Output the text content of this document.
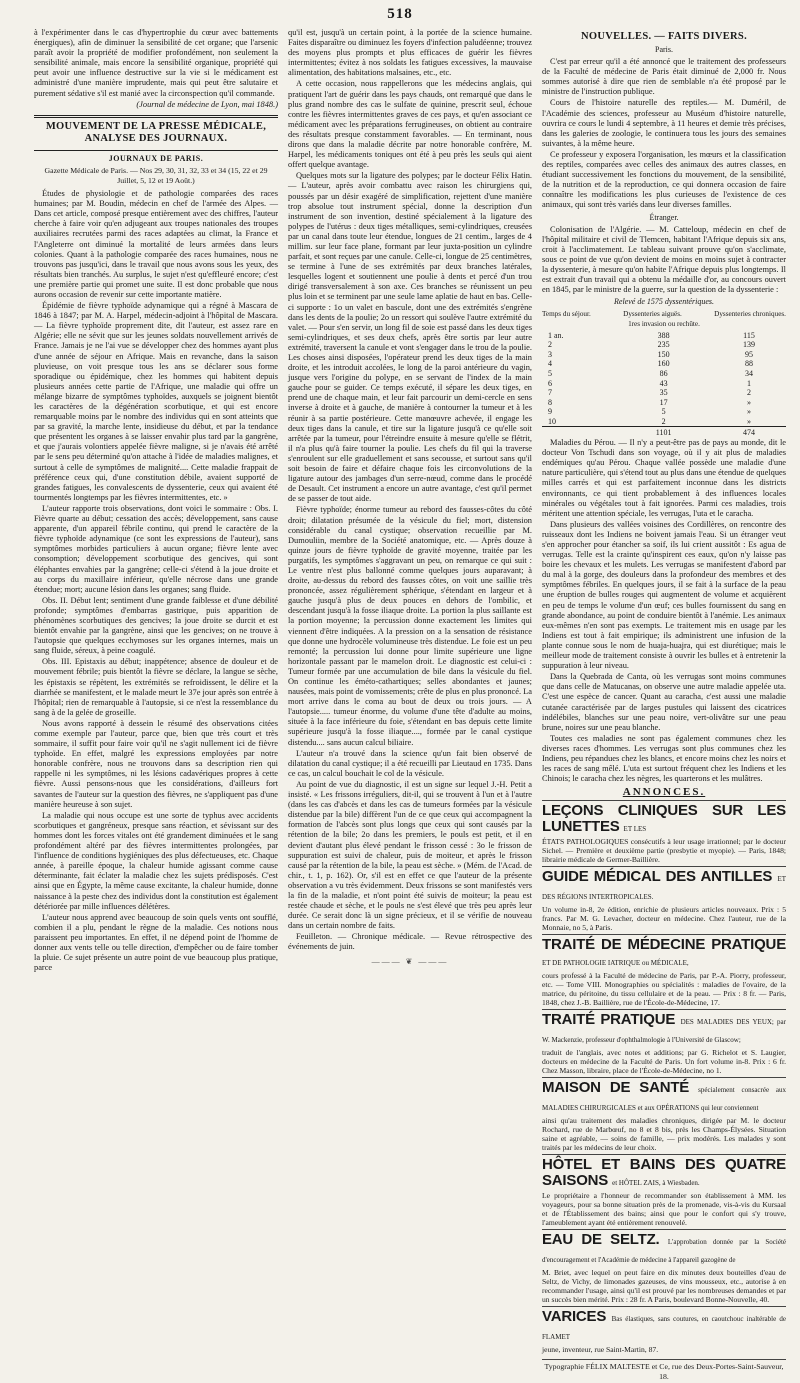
518

à l'expérimenter dans le cas d'hypertrophie du cœur avec battements énergiques), afin de diminuer la sensibilité de cet organe; que l'arsenic paraît avoir la propriété de modifier profondément, non seulement la sensibilité animale, mais encore la sensibilité organique, propriété qui peut avoir une influence destructive sur la vie si le médicament est administré d'une manière imprudente, mais qui peut être salutaire et purement sédative s'il est manié avec la circonspection qu'il commande.

(Journal de médecine de Lyon, mai 1848.)
MOUVEMENT DE LA PRESSE MÉDICALE, ANALYSE DES JOURNAUX.
JOURNAUX DE PARIS.
Gazette Médicale de Paris. — Nos 29, 30, 31, 32, 33 et 34 (15, 22 et 29 Juillet, 5, 12 et 19 Août.)

Études de physiologie et de pathologie comparées des races humaines; par M. Boudin, médecin en chef de l'armée des Alpes. — Dans cet article, composé presque entièrement avec des chiffres, l'auteur cherche à faire voir qu'en adjugeant aux troupes nationales des troupes auxiliaires recrutées parmi des races adaptées au climat, la France et l'Angleterre ont diminué la mortalité de leurs armées dans leurs colonies. Quant à la pathologie comparée des races humaines, nous ne trouvons pas jusqu'ici, dans le travail que nous avons sous les yeux, des résultats bien tranchés. Au surplus, le sujet n'est qu'effleuré encore; c'est une première partie qui promet une suite. Il est donc probable que nous aurons occasion de revenir sur cette importante matière.

Épidémie de fièvre typhoïde adynamique qui a régné à Mascara de 1846 à 1847; par M. A. Harpel, médecin-adjoint à l'hôpital de Mascara. — La fièvre typhoïde proprement dite, dit l'auteur, est assez rare en Algérie; elle ne sévit que sur les jeunes soldats nouvellement arrivés de France. Jamais je ne l'ai vue se développer chez des hommes ayant plus d'une année de séjour en Afrique. Mais en revanche, dans la saison pluvieuse, on voit presque tous les ans se déclarer sous forme sporadique ou épidémique, chez les hommes qui habitent depuis plusieurs années cette partie de l'Afrique, une maladie qui offre un mélange bizarre de symptômes typhoïdes, auxquels se joignent bientôt les caractères de la dégénération scorbutique, et qui est encore remarquable moins par le nombre des individus qui en sont atteints que par sa gravité, la marche lente, insidieuse du début, et par la tendance que présentent les organes à se laisser envahir plus tard par la gangrène, et que j'aurais volontiers appelée fièvre maligne, si je n'avais été arrêté par le sens peu déterminé qu'on attache à l'idée de maladies malignes, et surtout à celle de symptômes de malignité.... Cette maladie frappait de préférence ceux qui, d'une constitution débile, avaient supporté de grandes fatigues, les convalescents de dyssenterie, ceux qui avaient été tourmentés longtemps par les fièvres intermittentes, etc. »

L'auteur rapporte trois observations, dont voici le sommaire : Obs. I. Fièvre quarte au début; cessation des accès; développement, sans cause apparente, d'un appareil fébrile continu, qui prend le caractère de la fièvre typhoïde adynamique (ce sont les expressions de l'auteur), sans symptômes morbides particuliers à aucun organe; fièvre lente avec consomption; développement scorbutique des gencives, qui sont éléphantes envahies par la gangrène; celle-ci s'étend à la joue droite et au corps du maxillaire inférieur, qu'elle nécrose dans une grande étendue; mort; aucune lésion dans les organes; sang fluide.

Obs. II. Début lent; sentiment d'une grande faiblesse et d'une débilité profonde; symptômes d'embarras gastrique, puis apparition de phénomènes scorbutiques des gencives; la joue droite se durcit et est bientôt envahie par la gangrène, ainsi que les gencives; on ne trouve à l'autopsie que quelques ecchymoses sur les organes internes, mais un sang fluide, séreux, à peine coagulé.

Obs. III. Epistaxis au début; inappétence; absence de douleur et de mouvement fébrile; puis bientôt la fièvre se déclare, la langue se sèche, les épistaxis se répètent, les extrémités se refroidissent, le délire et la diarrhée se manifestent, et le malade meurt le 37e jour après son entrée à l'hôpital; rien de remarquable à l'autopsie, si ce n'est la ressemblance du sang à de la gelée de groseille.

Nous avons rapporté à dessein le résumé des observations citées comme exemple par l'auteur, parce que, bien que très court et très sommaire, il suffit pour faire voir qu'il ne s'agit nullement ici de fièvre typhoïde. En effet, malgré les expressions employées par notre honorable confrère, nous ne trouvons dans sa description rien qui rappelle ni les symptômes, ni les lésions cadavériques propres à cette fièvre. Aussi pensons-nous que les considérations, d'ailleurs fort savantes de l'auteur sur la question des fièvres, ne s'appliquent pas d'une manière heureuse à son sujet.

La maladie qui nous occupe est une sorte de typhus avec accidents scorbutiques et gangréneux, presque sans réaction, et sévissant sur des hommes dont les forces vitales ont été grandement diminuées et le sang profondément altéré par des fièvres intermittentes prolongées, par l'influence de conditions hygiéniques des plus défectueuses, etc. Chaque année, à pareille époque, la chaleur humide agissant comme cause déterminante, fait éclater la maladie chez les sujets prédisposés. C'est ainsi que en Égypte, la même cause excitante, la chaleur humide, donne naissance à la peste chez des individus dont la constitution est également détériorée par mille influences délétères.

L'auteur nous apprend avec beaucoup de soin quels vents ont soufflé, combien il a plu, pendant le règne de la maladie. Ces notions nous paraissent peu importantes. En effet, il ne dépend point de l'homme de donner aux vents telle ou telle direction, d'empêcher ou de faire tomber la pluie. Ce sujet présente un autre point de vue beaucoup plus pratique, parce

qu'il est, jusqu'à un certain point, à la portée de la science humaine. Faites disparaître ou diminuez les foyers d'infection paludéenne; trouvez des moyens plus prompts et plus efficaces de guérir les fièvres intermittentes; évitez à nos soldats les fatigues excessives, la mauvaise alimentation, des habitations malsaines, etc., etc.

A cette occasion, nous rappellerons que les médecins anglais, qui pratiquent l'art de guérir dans les pays chauds, ont remarqué que dans le plus grand nombre des cas le sulfate de quinine, prescrit seul, échoue contre les fièvres intermittentes graves de ces pays, et qu'en associant ce médicament avec les préparations ferrugineuses, on obtient au contraire des résultats presque constamment favorables. — En terminant, nous dirons que dans la maladie décrite par notre honorable confrère, M. Harpel, les médicaments toniques ont été à peu près les seuls qui aient offert quelque avantage.

Quelques mots sur la ligature des polypes; par le docteur Félix Hatin. — L'auteur, après avoir combattu avec raison les chirurgiens qui, poussés par un désir exagéré de simplification, rejettent d'une manière trop absolue tout instrument spécial, donne la description d'un instrument de son invention, destiné spécialement à la ligature des polypes de l'utérus : deux tiges métalliques, semi-cylindriques, creusées par un canal dans toute leur étendue, longues de 21 centim., larges de 4 millim. sur leur face plane, formant par leur juxta-position un cylindre parfait, et sont reçues par une canule. Celle-ci, longue de 25 centimètres, se termine à l'une de ses extrémités par deux branches latérales, lesquelles logent et soutiennent une poulie à dents et percé d'un trou dirigé transversalement à son axe. Ces branches se réunissent un peu plus loin et se terminent par une seule lame aplatie de haut en bas. Celle-ci supporte : 1o un valet en bascule, dont une des extrémités s'engrène dans les dents de la poulie; 2o un ressort qui soulève l'autre extrémité du valet. — Pour s'en servir, un long fil de soie est passé dans les deux tiges semi-cylindriques, et ses deux chefs, après être sortis par leur autre extrémité, traversent la canule et vont s'engager dans le trou de la poulie. Les choses ainsi disposées, l'opérateur prend les deux tiges de la main droite, et les introduit accolées, le long de la paroi antérieure du vagin, jusque vers l'origine du polype, en se servant de l'index de la main gauche pour se guider. Ce temps exécuté, il sépare les deux tiges, en prend une de chaque main, et leur fait parcourir un demi-cercle en sens inverse à droite et à gauche, de manière à contourner la tumeur et à les réunir à sa partie postérieure. Cette manœuvre achevée, il engage les deux tiges dans la canule, et tire sur la ligature jusqu'à ce qu'elle soit arrêtée par la tumeur, pour l'étreindre ensuite à mesure qu'elle se flétrit, il n'a plus qu'à faire tourner la poulie. Les chefs du fil qui la traverse s'enroulent sur elle graduellement et sans secousse, et surtout sans qu'il soit besoin de faire et défaire chaque fois les circonvolutions de la ligature autour des jambages d'un serre-nœud, comme dans le procédé de Desault. Cet instrument a encore un autre avantage, c'est qu'il permet de se passer de tout aide.

Fièvre typhoïde; énorme tumeur au rebord des fausses-côtes du côté droit; dilatation présumée de la vésicule du fiel; mort, distension considérable du canal cystique; observation recueillie par M. Dumouliin, membre de la Société anatomique, etc. — Après douze à quinze jours de fièvre typhoïde de gravité moyenne, traitée par les purgatifs, les symptômes s'aggravant un peu, on remarque ce qui suit : Le ventre n'est plus ballonné comme quelques jours auparavant; à droite, au-dessus du rebord des fausses côtes, on voit une saillie très prononcée, assez régulièrement sphérique, s'étendant en largeur et à gauche jusqu'à plus de deux pouces en dehors de l'ombilic, et descendant jusqu'à la fosse iliaque droite. La portion la plus saillante est la portion moyenne; la percussion donne exactement les limites qui viennent d'être indiquées. A la pression on a la sensation de résistance que donne une hydrocèle volumineuse très distendue. Le foie est un peu remonté; la percussion lui donne pour limite supérieure une ligne horizontale passant par le mamelon droit. Le diagnostic est celui-ci : Tumeur formée par une accumulation de bile dans la vésicule du fiel. On continue les émétо-cathartiques; selles abondantes et jaunes; nausées, mais point de vomissements; crête de plus en plus prononcé. La mort arrive dans le coma au bout de deux ou trois jours. — A l'autopsie..... tumeur énorme, du volume d'une tête d'adulte au moins, située à la face inférieure du foie, s'étendant en bas depuis cette limite supérieure jusqu'à la fosse iliaque...., formée par le canal cystique distendu.... sans aucun calcul biliaire.

L'auteur n'a trouvé dans la science qu'un fait bien observé de dilatation du canal cystique; il a été recueilli par Lieutaud en 1735. Dans ce cas, un calcul bouchait le col de la vésicule.

Au point de vue du diagnostic, il est un signe sur lequel J.-H. Petit a insisté. « Les frissons irréguliers, dit-il, qui se trouvent à l'un et à l'autre (dans les cas d'abcès et dans les cas de tumeurs formées par la vésicule distendue par la bile) diffèrent l'un de ce que ceux qui accompagnent la formation de l'abcès sont plus longs que ceux qui sont causés par la rétention de la bile; 2o dans les premiers, le pouls est petit, et il en devient d'autant plus élevé pendant le frisson cessé : 3o le frisson de suppuration est suivi de chaleur, puis de moiteur, et après le frisson causé par la rétention de la bile, la peau est sèche. » (Mém. de l'Acad. de chir., t. 1, p. 162). Or, s'il est en effet ce que l'auteur de la présente observation a vu très évidemment. Deux frissons se sont manifestés vers la fin de la maladie, et n'ont point été suivis de moiteur; la peau est restée chaude et sèche, et le pouls ne s'est élevé que très peu après leur durée. Ce serait donc là un signe précieux, et il se vérifie de nouveau dans un certain nombre de faits.

Feuilleton. — Chronique médicale. — Revue rétrospective des événements de juin.

——— ❦ ———
NOUVELLES. — FAITS DIVERS.
Paris.

C'est par erreur qu'il a été annoncé que le traitement des professeurs de la Faculté de médecine de Paris était diminué de 2,000 fr. Nous sommes autorisé à dire que rien de semblable n'a été proposé par le ministre de l'instruction publique.

Cours de l'histoire naturelle des reptiles.— M. Duméril, de l'Académie des sciences, professeur au Muséum d'histoire naturelle, ouvrira ce cours le lundi 4 septembre, à 11 heures et demie très précises, dans les galeries de zoologie, le continuera tous les jours des semaines suivantes, à la même heure.

Ce professeur y exposera l'organisation, les mœurs et la classification des reptiles, comparées avec celles des animaux des autres classes, en étudiant successivement les fonctions du mouvement, de la sensibilité, de la nutrition et de la reproduction, ce qui donnera occasion de faire connaître les modifications les plus curieuses de l'existence de ces animaux, qui sont très variés dans leur diverses familles.

Étranger.

Colonisation de l'Algérie. — M. Catteloup, médecin en chef de l'hôpital militaire et civil de Tlemcen, habitant l'Afrique depuis six ans, croit à l'acclimatement. Le tableau suivant prouve qu'on s'acclimate, sous ce point de vue qu'on devient de moins en moins sujet à contracter la dyssenterie, à mesure qu'on habite l'Afrique depuis plus longtemps. Il est extrait d'un travail qui a obtenu la médaille d'or, au concours ouvert en 1845, par le ministre de la guerre, sur la question de la dyssenterie :

Relevé de 1575 dyssentériques.
Temps du séjour.	Dyssenteries aiguës.	Dyssenteries chroniques.
1res invasion ou rechûte.
1 an.	388	115
2	235	139
3	150	95
4	160	88
5	86	34
6	43	1
7	35	2
8	17	»
9	5	»
10	2	»
	1101	474

Maladies du Pérou. — Il n'y a peut-être pas de pays au monde, dit le docteur Von Tschudi dans son voyage, où il y ait plus de maladies endémiques qu'au Pérou. Chaque vallée possède une maladie d'une nature particulière, qui s'étend tout au plus dans une étendue de quelques milles carrés et qui est parfaitement inconnue dans les districts environnants, ce qui tient probablement à des influences locales minérales ou végétales tout à fait ignorées. Parmi ces maladies, trois méritent une attention spéciale, les verrugas, l'uta et le caracha.

Dans plusieurs des vallées voisines des Cordillères, on rencontre des ruisseaux dont les Indiens ne boivent jamais l'eau. Si un étranger veut s'en approcher pour étancher sa soif, ils lui crient aussitôt : Es agua de verrugas. Telle est la crainte qu'inspirent ces eaux, qu'on n'y laisse pas boire les chevaux et les mulets. Les verrugas se manifestent d'abord par du mal à la gorge, des douleurs dans la profondeur des membres et des symptômes fébriles. En quelques jours, il se fait à la surface de la peau une éruption de bulles rouges qui augmentent de volume et acquièrent en peu de temps le volume d'un œuf; ces bulles fournissent du sang en grande abondance, au point de conduire bientôt à l'anémie. Les animaux eux-mêmes n'en sont pas exempts. Le traitement mis en usage par les Indiens est tout à fait empirique; ils administrent une infusion de la plante connue sous le nom de huaja-huajra, qui est diurétique; mais le meilleur mode de traitement consiste à ouvrir les bulles et à entretenir la suppuration à leur niveau.

Dans la Quebrada de Canta, où les verrugas sont moins communes que dans celle de Matucanas, on observe une autre maladie appelée uta. C'est une espèce de cancer. Quant au caracha, c'est aussi une maladie cutanée caractérisée par de larges pustules qui laissent des cicatrices indélébiles, blanches sur une peau noire, vert-olivâtre sur une peau brune, noires sur une peau blanche.

Toutes ces maladies ne sont pas également communes chez les diverses races d'hommes. Les verrugas sont plus communes chez les Indiens, peu répandues chez les blancs, et encore moins chez les noirs et les races de sang mêlé. L'uta est surtout fréquent chez les Indiens et les Chinois; le caracha chez les nègres, les quarterons et les mulâtres.

ANNONCES.
LEÇONS CLINIQUES SUR LES LUNETTES ET LES
ÉTATS PATHOLOGIQUES consécutifs à leur usage irrationnel; par le docteur Sichel. — Première et deuxième partie (presbytie et myopie). — Paris, 1848; librairie médicale de Germer-Baillière.
GUIDE MÉDICAL DES ANTILLES ET DES RÉGIONS INTERTROPICALES.
Un volume in-8, 2e édition, enrichie de plusieurs articles nouveaux. Prix : 5 francs. Par M. G. Levacher, docteur en médecine. Chez l'auteur, rue de la Monnaie, no 5, à Paris.
TRAITÉ DE MÉDECINE PRATIQUE ET DE PATHOLOGIE IATRIQUE ou MÉDICALE,
cours professé à la Faculté de médecine de Paris, par P.-A. Piorry, professeur, etc. — Tome VIII. Monographies ou spécialités : maladies de l'ovaire, de la matrice, du péritoine, du tissu cellulaire et de la peau. — Prix : 8 fr. — Paris, 1848, chez J.-B. Baillière, rue de l'École-de-Médecine, 17.
TRAITÉ PRATIQUE DES MALADIES DES YEUX; par W. Mackenzie, professeur d'ophthalmologie à l'Université de Glascow;
traduit de l'anglais, avec notes et additions; par G. Richelot et S. Laugier, docteurs en médecine de la Faculté de Paris. Un fort volume in-8. Prix : 6 fr. Chez Masson, libraire, place de l'École-de-Médecine, no 1.
MAISON DE SANTÉ spécialement consacrée aux MALADIES CHIRURGICALES et aux OPÉRATIONS qui leur conviennent
ainsi qu'au traitement des maladies chroniques, dirigée par M. le docteur Rochard, rue de Marbœuf, no 8 et 8 bis, près les Champs-Élysées. Situation saine et agréable, — soins de famille, — prix modérés. Les malades y sont traités par les médecins de leur choix.
HÔTEL ET BAINS DES QUATRE SAISONS et HÔTEL ZAIS, à Wiesbaden.
Le propriétaire a l'honneur de recommander son établissement à MM. les voyageurs, pour sa bonne situation près de la promenade, vis-à-vis du Kursaal et de l'Établissement des bains; ainsi que pour le confort qui s'y trouve, l'ameublement ayant été entièrement renouvelé.
EAU DE SELTZ. L'approbation donnée par la Société d'encouragement et l'Académie de médecine à l'appareil gazogène de
M. Briet, avec lequel on peut faire en dix minutes deux bouteilles d'eau de Seltz, de Vichy, de limonades gazeuses, de vins mousseux, etc., autorise à en recommander l'usage, ainsi qu'il est prouvé par les nombreuses demandes et par un succès bien mérité. Prix : 28 fr. A Paris, boulevard Bonne-Nouvelle, 40.
VARICES Bas élastiques, sans coutures, en caoutchouc inaltérable de FLAMET
jeune, inventeur, rue Saint-Martin, 87.
Typographie FÉLIX MALTESTE et Ce, rue des Deux-Portes-Saint-Sauveur, 18.
